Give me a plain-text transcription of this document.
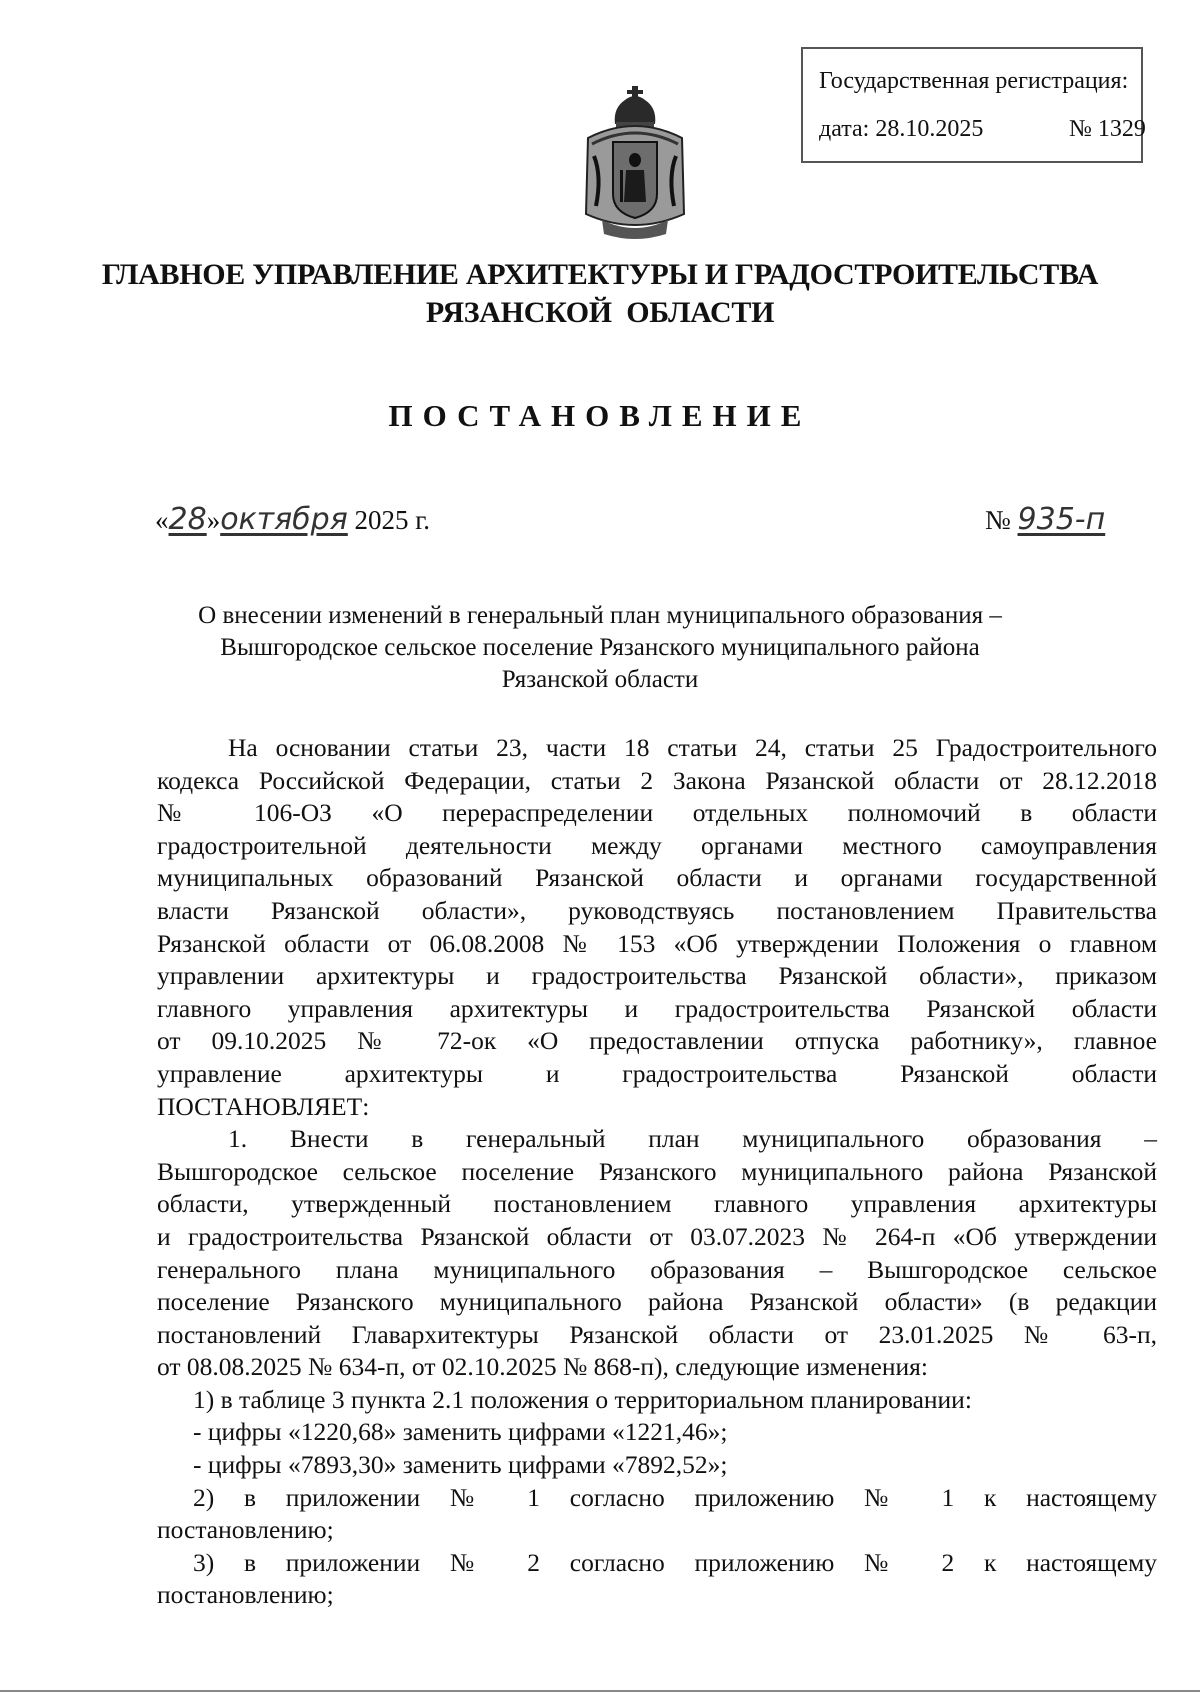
Государственная регистрация:
дата: 28.10.2025	№ 1329
ГЛАВНОЕ УПРАВЛЕНИЕ АРХИТЕКТУРЫ И ГРАДОСТРОИТЕЛЬСТВА
РЯЗАНСКОЙ  ОБЛАСТИ
ПОСТАНОВЛЕНИЕ
«28»октября 2025 г.	№ 935-п
О внесении изменений в генеральный план муниципального образования –
Вышгородское сельское поселение Рязанского муниципального района
Рязанской области

На основании статьи 23, части 18 статьи 24, статьи 25 Градостроительного

кодекса Российской Федерации, статьи 2 Закона Рязанской области от 28.12.2018

№ 106-ОЗ «О перераспределении отдельных полномочий в области

градостроительной деятельности между органами местного самоуправления

муниципальных образований Рязанской области и органами государственной

власти Рязанской области», руководствуясь постановлением Правительства

Рязанской области от 06.08.2008 № 153 «Об утверждении Положения о главном

управлении архитектуры и градостроительства Рязанской области», приказом

главного управления архитектуры и градостроительства Рязанской области

от 09.10.2025 № 72-ок «О предоставлении отпуска работнику», главное

управление архитектуры и градостроительства Рязанской области

ПОСТАНОВЛЯЕТ:

1. Внести в генеральный план муниципального образования –

Вышгородское сельское поселение Рязанского муниципального района Рязанской

области, утвержденный постановлением главного управления архитектуры

и градостроительства Рязанской области от 03.07.2023 № 264-п «Об утверждении

генерального плана муниципального образования – Вышгородское сельское

поселение Рязанского муниципального района Рязанской области» (в редакции

постановлений Главархитектуры Рязанской области от 23.01.2025 № 63-п,

от 08.08.2025 № 634-п, от 02.10.2025 № 868-п), следующие изменения:

1) в таблице 3 пункта 2.1 положения о территориальном планировании:

- цифры «1220,68» заменить цифрами «1221,46»;

- цифры «7893,30» заменить цифрами «7892,52»;

2) в приложении № 1 согласно приложению № 1 к настоящему

постановлению;

3) в приложении № 2 согласно приложению № 2 к настоящему

постановлению;
